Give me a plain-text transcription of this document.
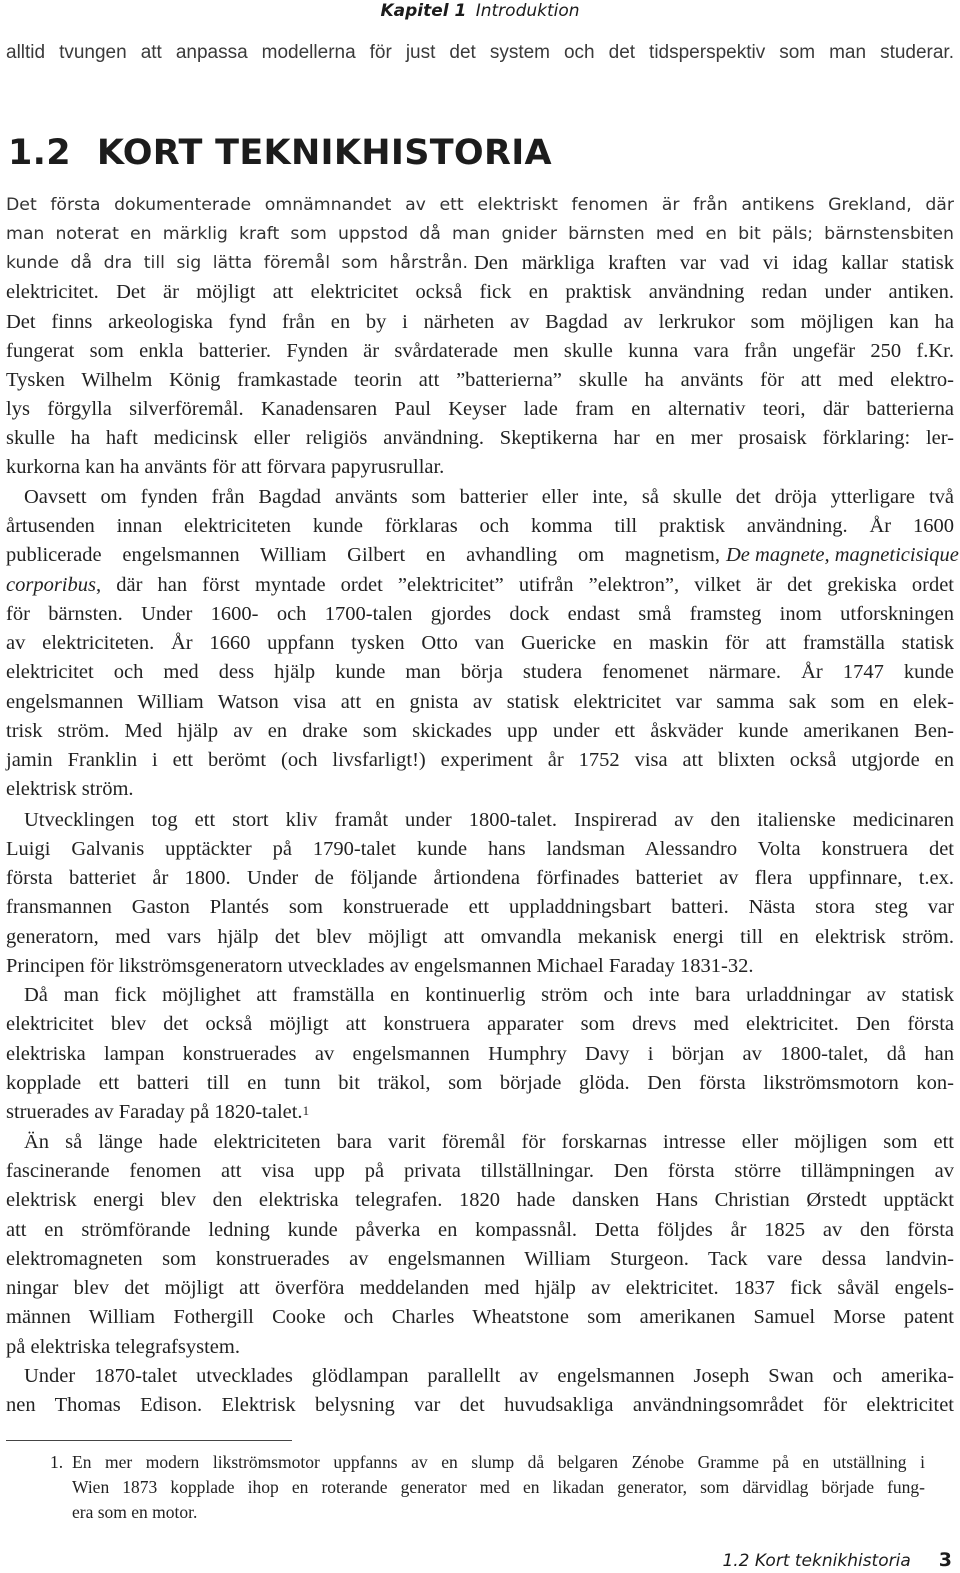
Kapitel 1 Introduktion
alltid tvungen att anpassa modellerna för just det system och det tidsperspektiv som man studerar.
1.2 KORT TEKNIKHISTORIA
Det första dokumenterade omnämnandet av ett elektriskt fenomen är från antikens Grekland, där
man noterat en märklig kraft som uppstod då man gnider bärnsten med en bit päls; bärnstensbiten
kunde då dra till sig lätta föremål som hårstrån. Den märkliga kraften var vad vi idag kallar statisk
elektricitet. Det är möjligt att elektricitet också fick en praktisk användning redan under antiken.
Det finns arkeologiska fynd från en by i närheten av Bagdad av lerkrukor som möjligen kan ha
fungerat som enkla batterier. Fynden är svårdaterade men skulle kunna vara från ungefär 250 f.Kr.
Tysken Wilhelm König framkastade teorin att ”batterierna” skulle ha använts för att med elektro-
lys förgylla silverföremål. Kanadensaren Paul Keyser lade fram en alternativ teori, där batterierna
skulle ha haft medicinsk eller religiös användning. Skeptikerna har en mer prosaisk förklaring: ler-
kurkorna kan ha använts för att förvara papyrusrullar.
Oavsett om fynden från Bagdad använts som batterier eller inte, så skulle det dröja ytterligare två
årtusenden innan elektriciteten kunde förklaras och komma till praktisk användning. År 1600
publicerade engelsmannen William Gilbert en avhandling om magnetism, De magnete, magneticisique
corporibus , där han först myntade ordet ”elektricitet” utifrån ”elektron”, vilket är det grekiska ordet
för bärnsten. Under 1600- och 1700-talen gjordes dock endast små framsteg inom utforskningen
av elektriciteten. År 1660 uppfann tysken Otto van Guericke en maskin för att framställa statisk
elektricitet och med dess hjälp kunde man börja studera fenomenet närmare. År 1747 kunde
engelsmannen William Watson visa att en gnista av statisk elektricitet var samma sak som en elek-
trisk ström. Med hjälp av en drake som skickades upp under ett åskväder kunde amerikanen Ben-
jamin Franklin i ett berömt (och livsfarligt!) experiment år 1752 visa att blixten också utgjorde en
elektrisk ström.
Utvecklingen tog ett stort kliv framåt under 1800-talet. Inspirerad av den italienske medicinaren
Luigi Galvanis upptäckter på 1790-talet kunde hans landsman Alessandro Volta konstruera det
första batteriet år 1800. Under de följande årtiondena förfinades batteriet av flera uppfinnare, t.ex.
fransmannen Gaston Plantés som konstruerade ett uppladdningsbart batteri. Nästa stora steg var
generatorn, med vars hjälp det blev möjligt att omvandla mekanisk energi till en elektrisk ström.
Principen för likströmsgeneratorn utvecklades av engelsmannen Michael Faraday 1831-32.
Då man fick möjlighet att framställa en kontinuerlig ström och inte bara urladdningar av statisk
elektricitet blev det också möjligt att konstruera apparater som drevs med elektricitet. Den första
elektriska lampan konstruerades av engelsmannen Humphry Davy i början av 1800-talet, då han
kopplade ett batteri till en tunn bit träkol, som började glöda. Den första likströmsmotorn kon-
struerades av Faraday på 1820-talet.$^1$
Än så länge hade elektriciteten bara varit föremål för forskarnas intresse eller möjligen som ett
fascinerande fenomen att visa upp på privata tillställningar. Den första större tillämpningen av
elektrisk energi blev den elektriska telegrafen. 1820 hade dansken Hans Christian Ørstedt upptäckt
att en strömförande ledning kunde påverka en kompassnål. Detta följdes år 1825 av den första
elektromagneten som konstruerades av engelsmannen William Sturgeon. Tack vare dessa landvin-
ningar blev det möjligt att överföra meddelanden med hjälp av elektricitet. 1837 fick såväl engels-
männen William Fothergill Cooke och Charles Wheatstone som amerikanen Samuel Morse patent
på elektriska telegrafsystem.
Under 1870-talet utvecklades glödlampan parallellt av engelsmannen Joseph Swan och amerika-
nen Thomas Edison. Elektrisk belysning var det huvudsakliga användningsområdet för elektricitet
1. En mer modern likströmsmotor uppfanns av en slump då belgaren Zénobe Gramme på en utställning i
Wien 1873 kopplade ihop en roterande generator med en likadan generator, som därvidlag började fung-
era som en motor.
1.2 Kort teknikhistoria 3
